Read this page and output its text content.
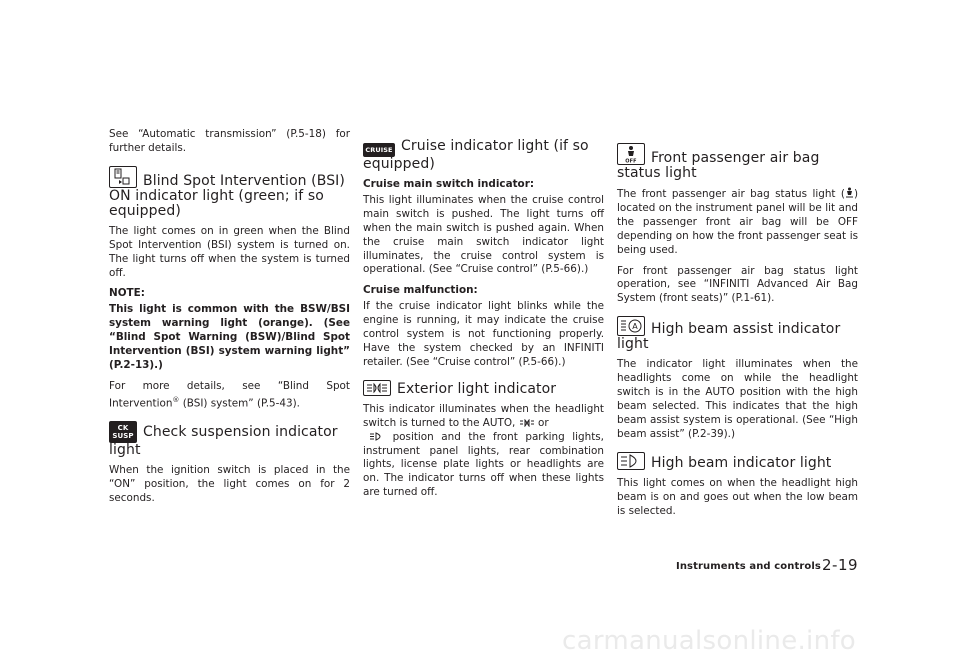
See “Automatic transmission” (P.5-18) for further details.

Blind Spot Intervention (BSI) ON indicator light (green; if so equipped)

The light comes on in green when the Blind Spot Intervention (BSI) system is turned on. The light turns off when the system is turned off.

NOTE:

This light is common with the BSW/BSI system warning light (orange). (See “Blind Spot Warning (BSW)/Blind Spot Intervention (BSI) system warning light” (P.2-13).)

For more details, see “Blind Spot Intervention® (BSI) system” (P.5-43).

CK SUSP Check suspension indicator light

When the ignition switch is placed in the “ON” position, the light comes on for 2 seconds.

CRUISE Cruise indicator light (if so equipped)

Cruise main switch indicator:

This light illuminates when the cruise control main switch is pushed. The light turns off when the main switch is pushed again. When the cruise main switch indicator light illuminates, the cruise control system is operational. (See “Cruise control” (P.5-66).)

Cruise malfunction:

If the cruise indicator light blinks while the engine is running, it may indicate the cruise control system is not functioning properly. Have the system checked by an INFINITI retailer. (See “Cruise control” (P.5-66).)

Exterior light indicator

This indicator illuminates when the headlight switch is turned to the AUTO, or
position and the front parking lights, instrument panel lights, rear combination lights, license plate lights or headlights are on. The indicator turns off when these lights are turned off.

OFF Front passenger air bag status light

The front passenger air bag status light ( ) located on the instrument panel will be lit and the passenger front air bag will be OFF depending on how the front passenger seat is being used.

For front passenger air bag status light operation, see “INFINITI Advanced Air Bag System (front seats)” (P.1-61).

A High beam assist indicator light

The indicator light illuminates when the headlights come on while the headlight switch is in the AUTO position with the high beam selected. This indicates that the high beam assist system is operational. (See “High beam assist” (P.2-39).)

High beam indicator light

This light comes on when the headlight high beam is on and goes out when the low beam is selected.

Instruments and controls 2-19
carmanualsonline.info
